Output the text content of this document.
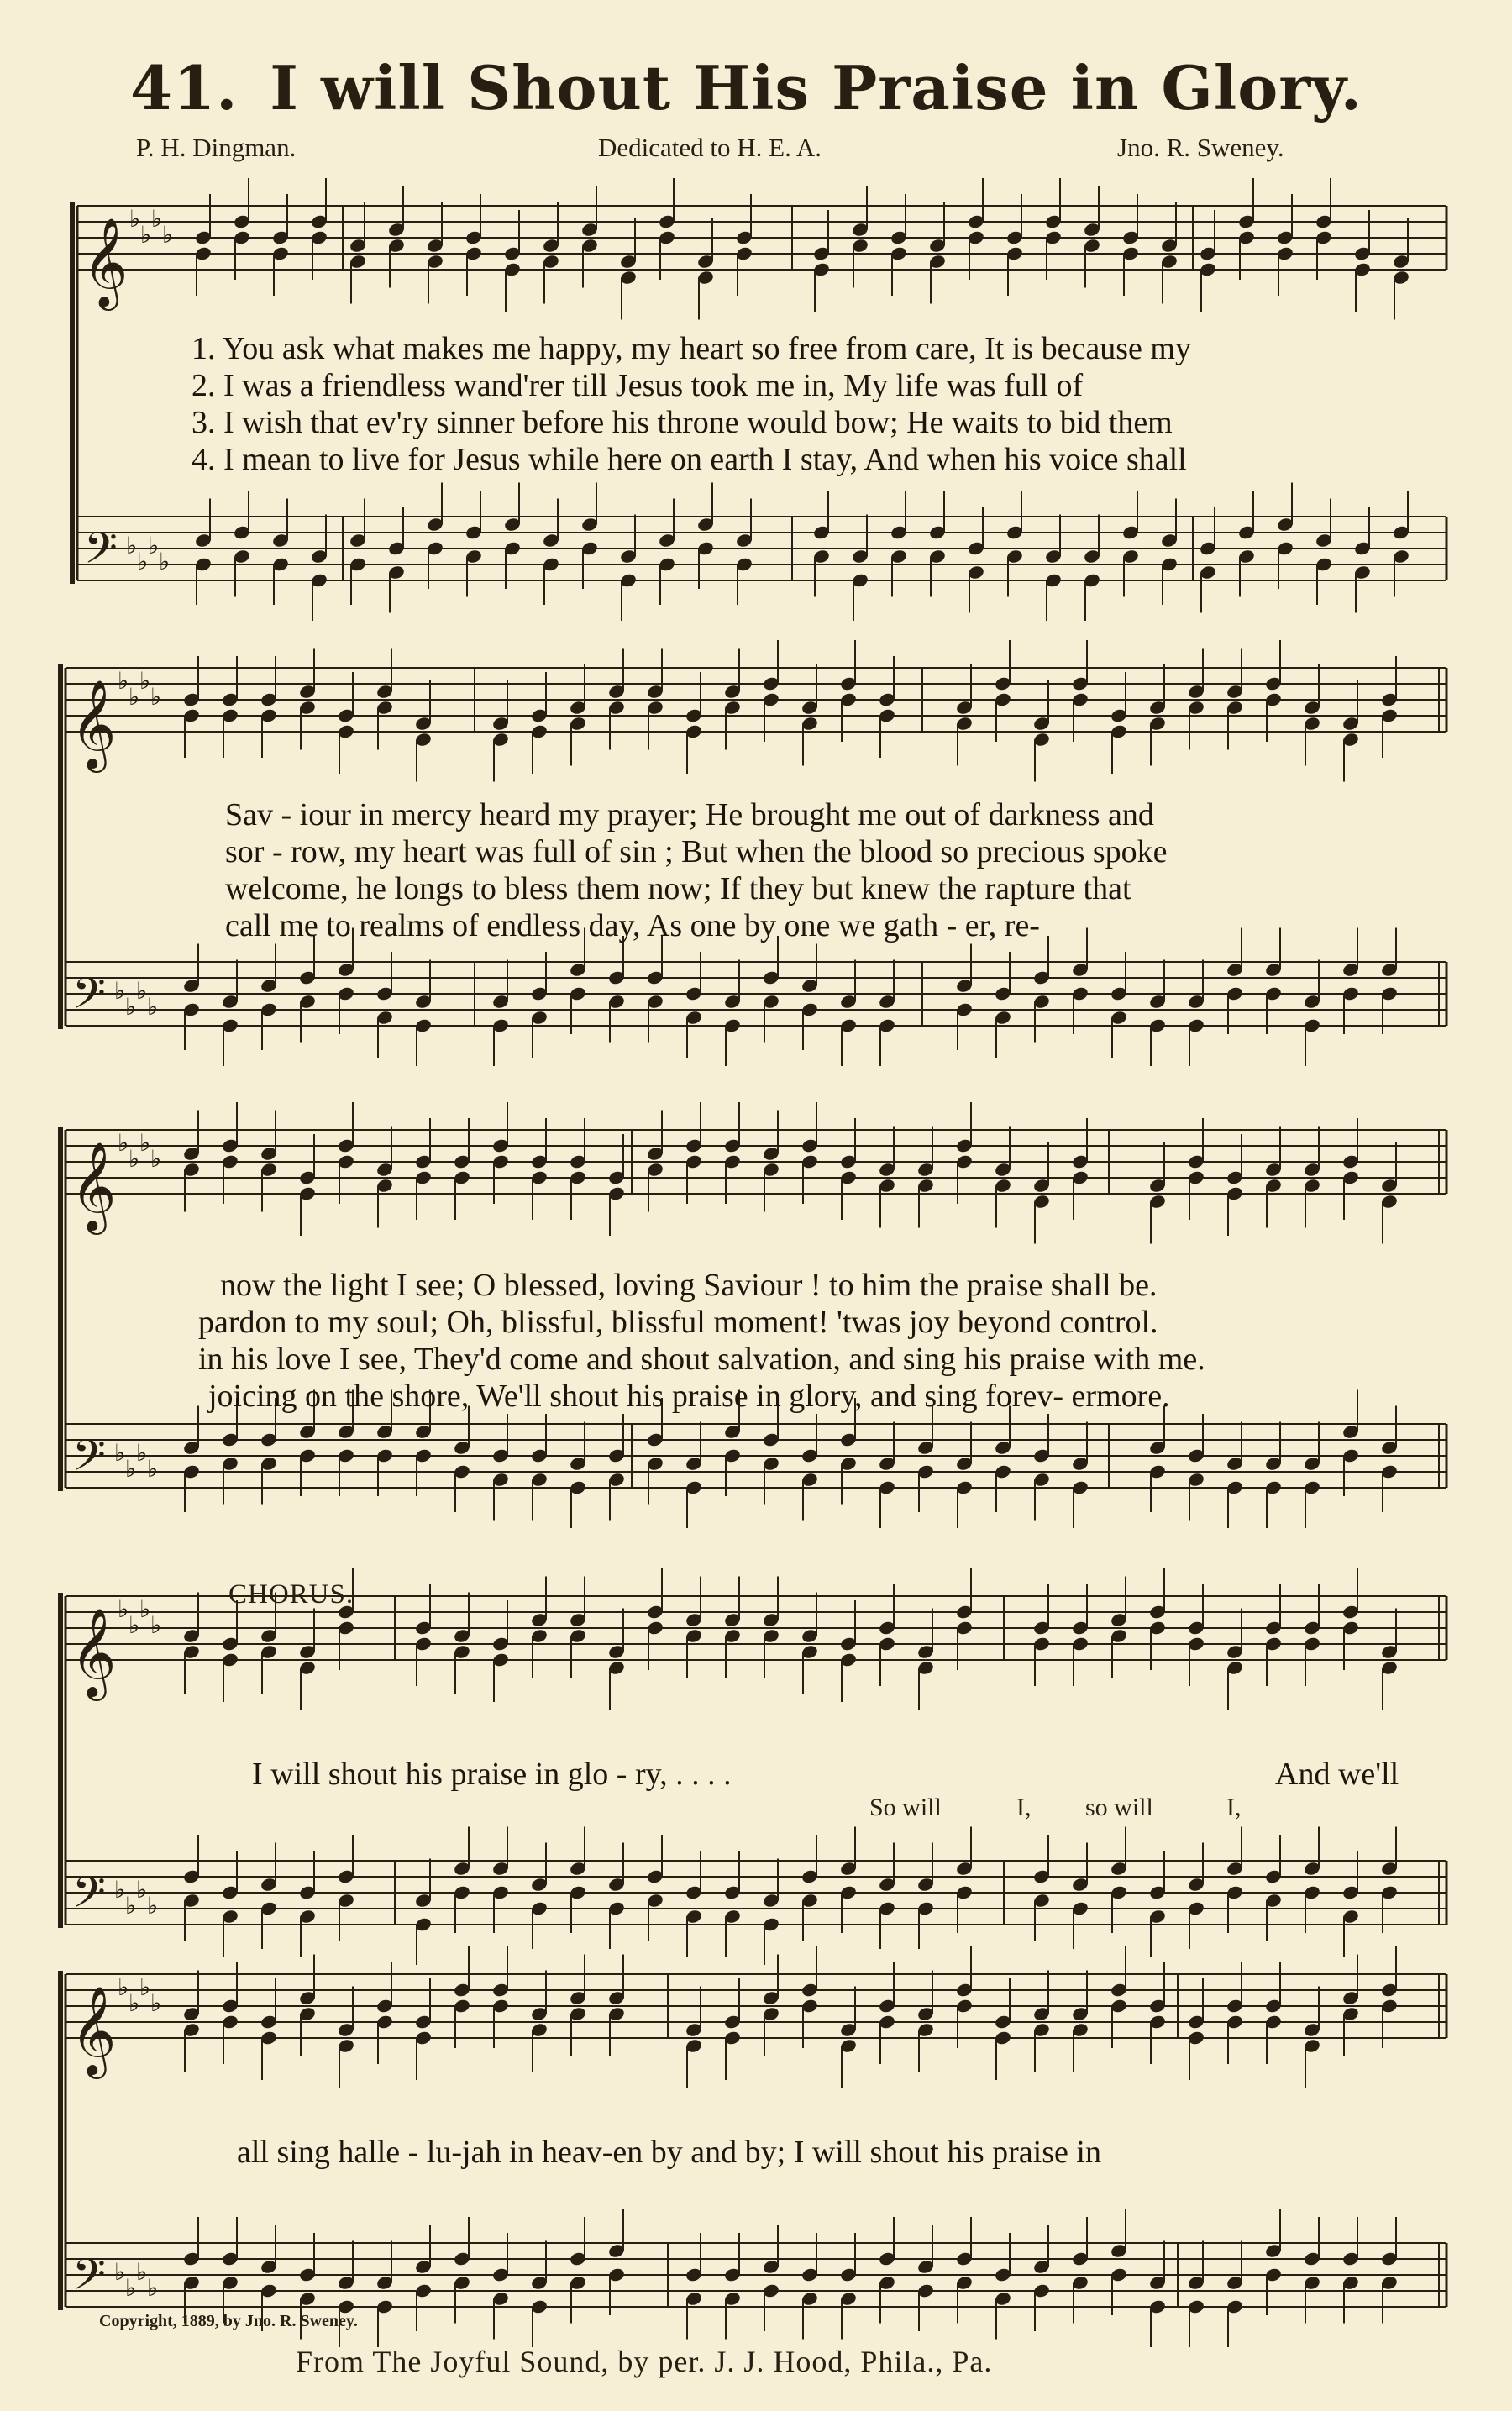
41. I will Shout His Praise in Glory.
P. H. Dingman.	Dedicated to H. E. A.	Jno. R. Sweney.
𝄞
𝄢
♭
♭
♭
♭
♭
♭
♭
♭
𝄞
𝄢
♭
♭
♭
♭
♭
♭
♭
♭
𝄞
𝄢
♭
♭
♭
♭
♭
♭
♭
♭
𝄞
𝄢
♭
♭
♭
♭
♭
♭
♭
♭
𝄞
𝄢
♭
♭
♭
♭
♭
♭
♭
♭
1. You ask what makes me happy, my heart so free from care, It is because my
2. I was a friendless wand'rer till Jesus took me in, My life was full of
3. I wish that ev'ry sinner before his throne would bow; He waits to bid them
4. I mean to live for Jesus while here on earth I stay, And when his voice shall
Sav - iour in mercy heard my prayer; He brought me out of darkness and
sor - row, my heart was full of sin ; But when the blood so precious spoke
welcome, he longs to bless them now; If they but knew the rapture that
call me to realms of endless day, As one by one we gath - er, re-
now the light I see; O blessed, loving Saviour ! to him the praise shall be.
pardon to my soul; Oh, blissful, blissful moment! 'twas joy beyond control.
in his love I see, They'd come and shout salvation, and sing his praise with me.
joicing on the shore, We'll shout his praise in glory, and sing forev- ermore.
CHORUS.
I will shout his praise in glo - ry, . . . .	And we'll
So will	I, so will	I,
all sing halle - lu-jah in heav-en by and by; I will shout his praise in
Copyright, 1889, by Jno. R. Sweney.
From The Joyful Sound, by per. J. J. Hood, Phila., Pa.
